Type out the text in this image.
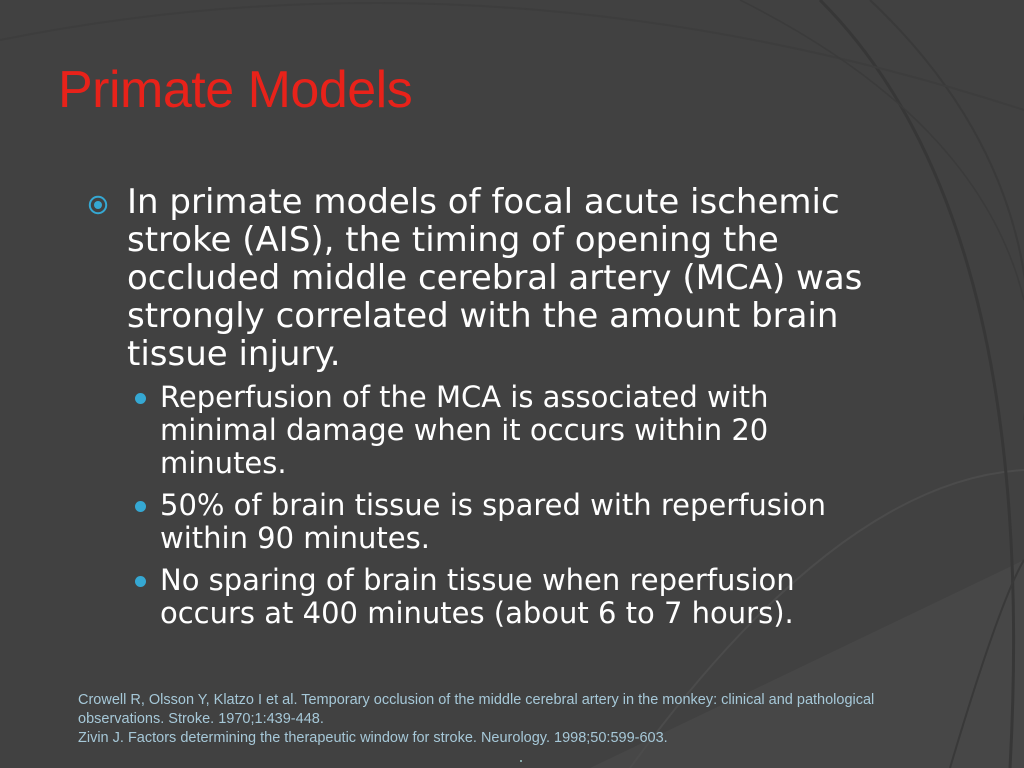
Primate Models
In primate models of focal acute ischemic stroke (AIS), the timing of opening the occluded middle cerebral artery (MCA) was strongly correlated with the amount brain tissue injury.
Reperfusion of the MCA is associated with minimal damage when it occurs within 20 minutes.
50% of brain tissue is spared with reperfusion within 90 minutes.
No sparing of brain tissue when reperfusion occurs at 400 minutes (about 6 to 7 hours).
Crowell R, Olsson Y, Klatzo I et al. Temporary occlusion of the middle cerebral artery in the monkey: clinical and pathological observations. Stroke. 1970;1:439-448.
Zivin J. Factors determining the therapeutic window for stroke. Neurology. 1998;50:599-603.
